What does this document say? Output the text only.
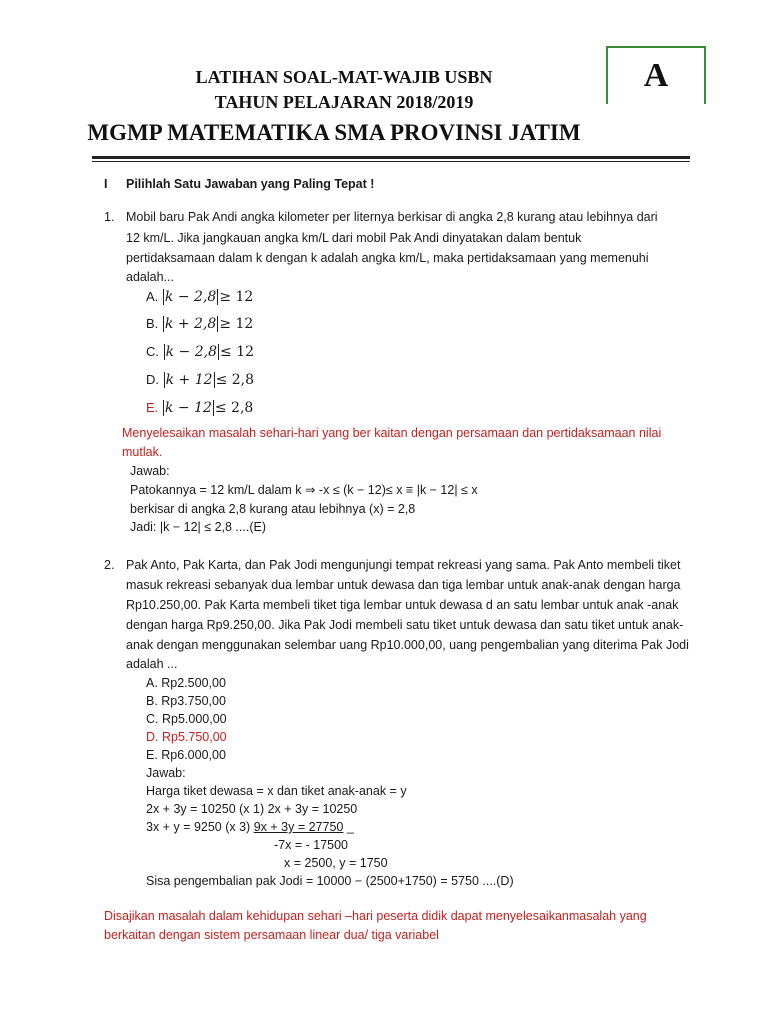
LATIHAN SOAL-MAT-WAJIB USBN
TAHUN PELAJARAN 2018/2019
MGMP MATEMATIKA SMA PROVINSI JATIM
A
I Pilihlah Satu Jawaban yang Paling Tepat !
1. Mobil baru Pak Andi angka kilometer per liternya berkisar di angka 2,8 kurang atau lebihnya dari
12 km/L. Jika jangkauan angka km/L dari mobil Pak Andi dinyatakan dalam bentuk
pertidaksamaan dalam k dengan k adalah angka km/L, maka pertidaksamaan yang memenuhi
adalah...
A. k − 2,8 ≥ 12
B. k + 2,8 ≥ 12
C. k − 2,8 ≤ 12
D. k + 12 ≤ 2,8
E. k − 12 ≤ 2,8
Menyelesaikan masalah sehari-hari yang ber kaitan dengan persamaan dan pertidaksamaan nilai
mutlak.
Jawab:
Patokannya = 12 km/L dalam k ⇒ -x ≤ (k − 12)≤ x ≡ |k − 12| ≤ x
berkisar di angka 2,8 kurang atau lebihnya (x) = 2,8
Jadi: |k − 12| ≤ 2,8 ....(E)
2. Pak Anto, Pak Karta, dan Pak Jodi mengunjungi tempat rekreasi yang sama. Pak Anto membeli tiket
masuk rekreasi sebanyak dua lembar untuk dewasa dan tiga lembar untuk anak-anak dengan harga
Rp10.250,00. Pak Karta membeli tiket tiga lembar untuk dewasa d an satu lembar untuk anak -anak
dengan harga Rp9.250,00. Jika Pak Jodi membeli satu tiket untuk dewasa dan satu tiket untuk anak-
anak dengan menggunakan selembar uang Rp10.000,00, uang pengembalian yang diterima Pak Jodi
adalah ...
A. Rp2.500,00
B. Rp3.750,00
C. Rp5.000,00
D. Rp5.750,00
E. Rp6.000,00
Jawab:
Harga tiket dewasa = x dan tiket anak-anak = y
2x + 3y = 10250 (x 1) 2x + 3y = 10250
3x + y = 9250 (x 3) 9x + 3y = 27750 _
-7x = - 17500
x = 2500, y = 1750
Sisa pengembalian pak Jodi = 10000 − (2500+1750) = 5750 ....(D)
Disajikan masalah dalam kehidupan sehari –hari peserta didik dapat menyelesaikanmasalah yang
berkaitan dengan sistem persamaan linear dua/ tiga variabel
